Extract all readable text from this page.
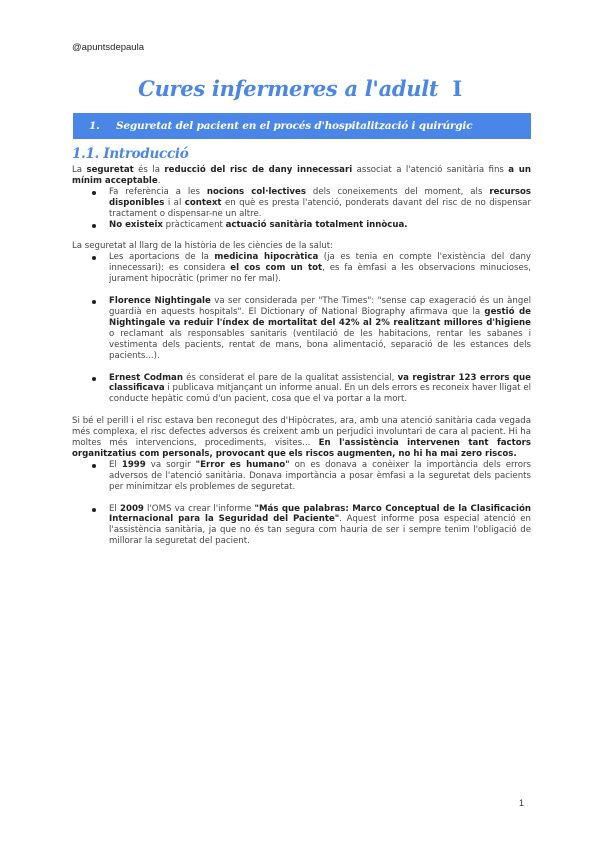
@apuntsdepaula
Cures infermeres a l'adult I
1. Seguretat del pacient en el procés d'hospitalització i quirúrgic
1.1. Introducció

La seguretat és la reducció del risc de dany innecessari associat a l'atenció sanitària fins a un mínim acceptable.

Fa referència a les nocions col·lectives dels coneixements del moment, als recursos disponibles i al context en què es presta l'atenció, ponderats davant del risc de no dispensar tractament o dispensar-ne un altre.
No existeix pràcticament actuació sanitària totalment innòcua.

La seguretat al llarg de la història de les ciències de la salut:

Les aportacions de la medicina hipocràtica (ja es tenia en compte l'existència del dany innecessari): es considera el cos com un tot, es fa èmfasi a les observacions minucioses, jurament hipocràtic (primer no fer mal).
Florence Nightingale va ser considerada per "The Times": "sense cap exageració és un àngel guardià en aquests hospitals". El Dictionary of National Biography afirmava que la gestió de Nightingale va reduir l'índex de mortalitat del 42% al 2% realitzant millores d'higiene o reclamant als responsables sanitaris (ventilació de les habitacions, rentar les sabanes i vestimenta dels pacients, rentat de mans, bona alimentació, separació de les estances dels pacients...).
Ernest Codman és considerat el pare de la qualitat assistencial, va registrar 123 errors que classificava i publicava mitjançant un informe anual. En un dels errors es reconeix haver lligat el conducte hepàtic comú d'un pacient, cosa que el va portar a la mort.

Si bé el perill i el risc estava ben reconegut des d'Hipòcrates, ara, amb una atenció sanitària cada vegada més complexa, el risc defectes adversos és creixent amb un perjudici involuntari de cara al pacient. Hi ha moltes més intervencions, procediments, visites... En l'assistència intervenen tant factors organitzatius com personals, provocant que els riscos augmenten, no hi ha mai zero riscos.

El 1999 va sorgir "Error es humano" on es donava a conèixer la importància dels errors adversos de l'atenció sanitària. Donava importància a posar èmfasi a la seguretat dels pacients per minimitzar els problemes de seguretat.
El 2009 l'OMS va crear l'informe "Más que palabras: Marco Conceptual de la Clasificación Internacional para la Seguridad del Paciente". Aquest informe posa especial atenció en l'assistència sanitària, ja que no és tan segura com hauria de ser i sempre tenim l'obligació de millorar la seguretat del pacient.
1
